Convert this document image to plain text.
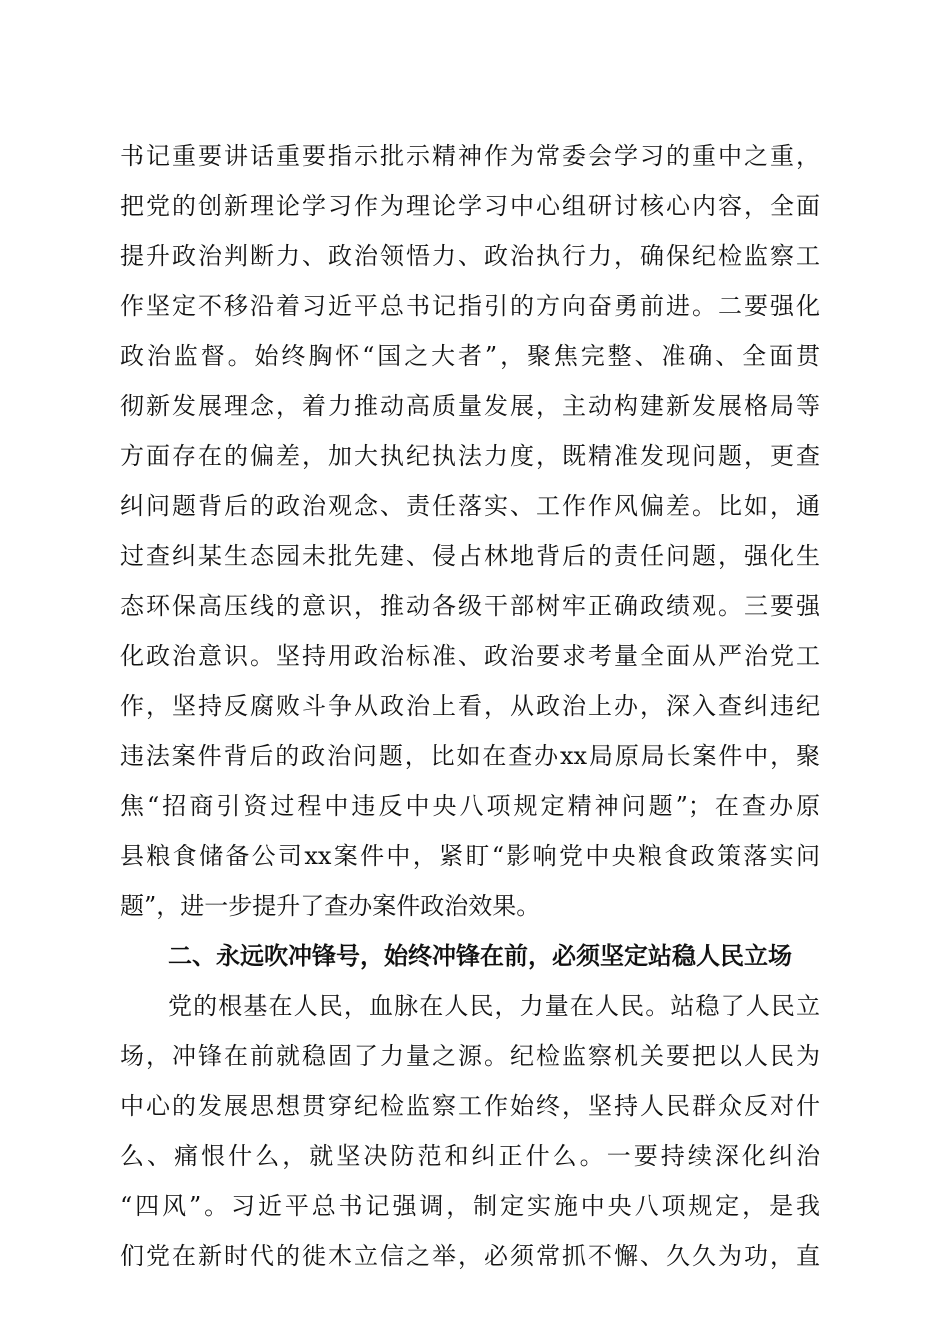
书记重要讲话重要指示批示精神作为常委会学习的重中之重，
把党的创新理论学习作为理论学习中心组研讨核心内容，全面
提升政治判断力、政治领悟力、政治执行力，确保纪检监察工
作坚定不移沿着习近平总书记指引的方向奋勇前进。二要强化
政治监督。始终胸怀“国之大者”，聚焦完整、准确、全面贯
彻新发展理念，着力推动高质量发展，主动构建新发展格局等
方面存在的偏差，加大执纪执法力度，既精准发现问题，更查
纠问题背后的政治观念、责任落实、工作作风偏差。比如，通
过查纠某生态园未批先建、侵占林地背后的责任问题，强化生
态环保高压线的意识，推动各级干部树牢正确政绩观。三要强
化政治意识。坚持用政治标准、政治要求考量全面从严治党工
作，坚持反腐败斗争从政治上看，从政治上办，深入查纠违纪
违法案件背后的政治问题，比如在查办xx局原局长案件中，聚
焦“招商引资过程中违反中央八项规定精神问题”；在查办原
县粮食储备公司xx案件中，紧盯“影响党中央粮食政策落实问
题”，进一步提升了查办案件政治效果。
二、永远吹冲锋号，始终冲锋在前，必须坚定站稳人民立场
党的根基在人民，血脉在人民，力量在人民。站稳了人民立
场，冲锋在前就稳固了力量之源。纪检监察机关要把以人民为
中心的发展思想贯穿纪检监察工作始终，坚持人民群众反对什
么、痛恨什么，就坚决防范和纠正什么。一要持续深化纠治
“四风”。习近平总书记强调，制定实施中央八项规定，是我
们党在新时代的徙木立信之举，必须常抓不懈、久久为功，直
